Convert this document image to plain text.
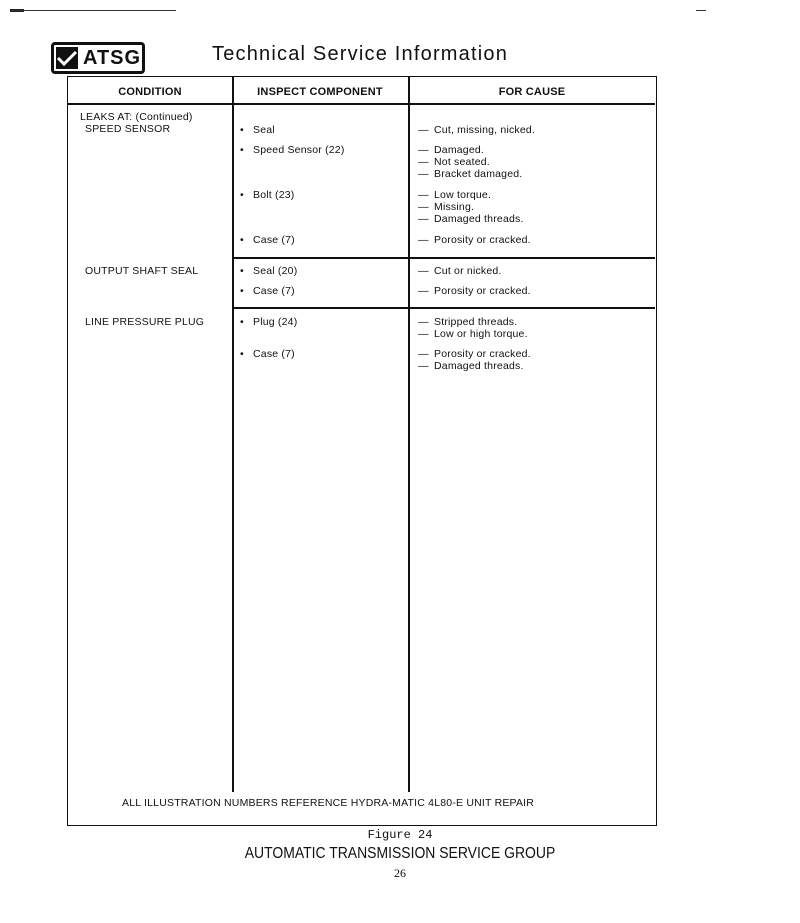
ATSG	Technical Service Information
CONDITION	INSPECT COMPONENT	FOR CAUSE
LEAKS AT: (Continued)
SPEED SENSOR	• Seal	— Cut, missing, nicked.
• Speed Sensor (22)	— Damaged.
— Not seated.
— Bracket damaged.
• Bolt (23)	— Low torque.
— Missing.
— Damaged threads.
• Case (7)	— Porosity or cracked.
OUTPUT SHAFT SEAL	• Seal (20)	— Cut or nicked.
• Case (7)	— Porosity or cracked.
LINE PRESSURE PLUG	• Plug (24)	— Stripped threads.
— Low or high torque.
• Case (7)	— Porosity or cracked.
— Damaged threads.
ALL ILLUSTRATION NUMBERS REFERENCE HYDRA-MATIC 4L80-E UNIT REPAIR
Figure 24
AUTOMATIC TRANSMISSION SERVICE GROUP
26
